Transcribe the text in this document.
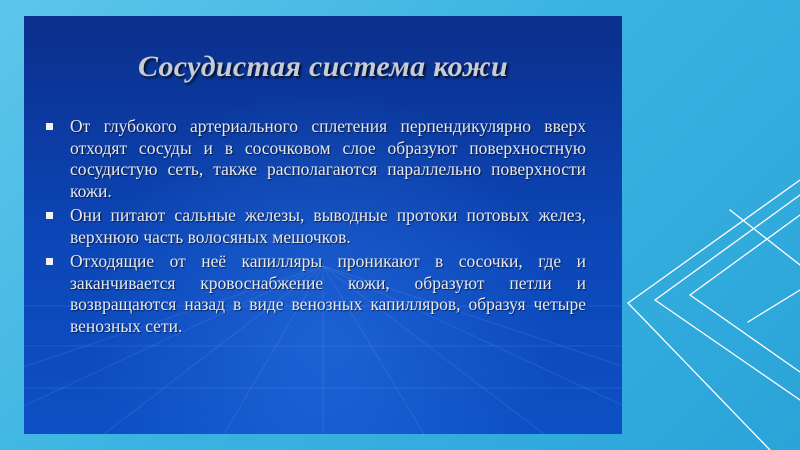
Сосудистая система кожи
От глубокого артериального сплетения перпендикулярно вверх отходят сосуды и в сосочковом слое образуют поверхностную сосудистую сеть, также располагаются параллельно поверхности кожи.
Они питают сальные железы, выводные протоки потовых желез, верхнюю часть волосяных мешочков.
Отходящие от неё капилляры проникают в сосочки, где и заканчивается кровоснабжение кожи, образуют петли и возвращаются назад в виде венозных капилляров, образуя четыре венозных сети.
